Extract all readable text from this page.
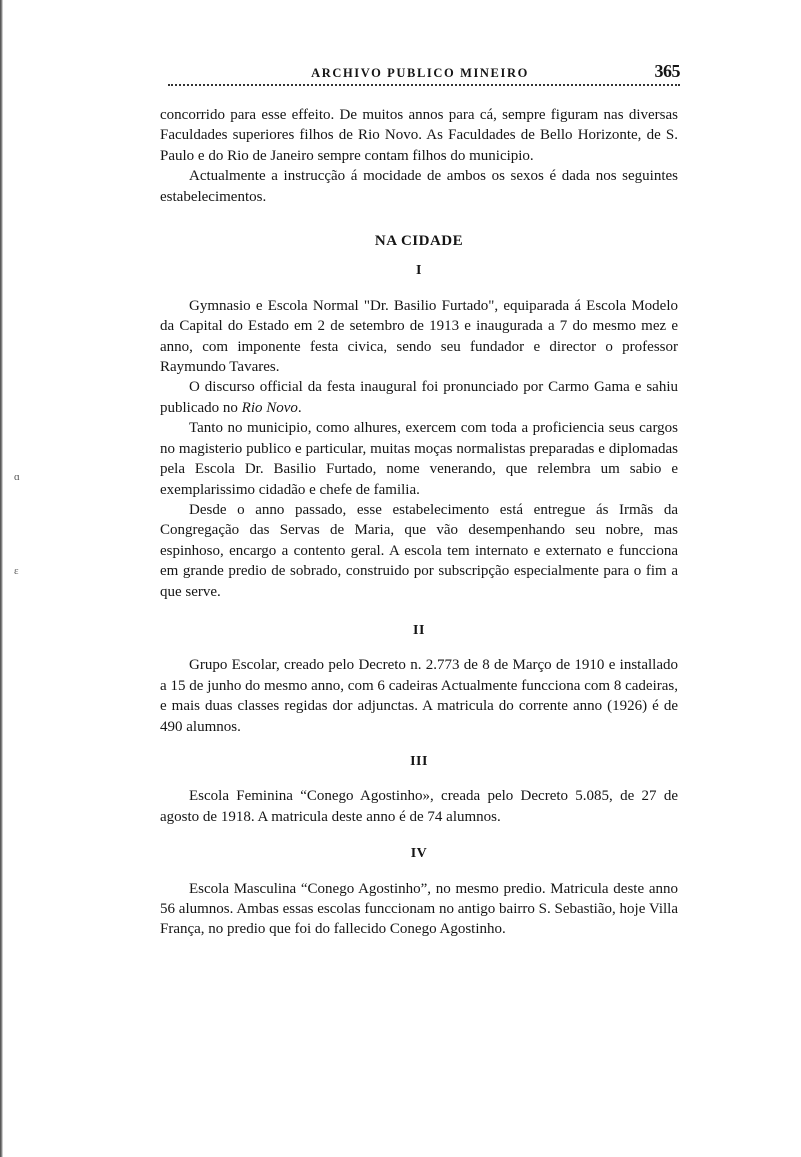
ɑ
ε
ARCHIVO PUBLICO MINEIRO	365

concorrido para esse effeito. De muitos annos para cá, sempre figuram nas diversas Faculdades superiores filhos de Rio Novo. As Faculdades de Bello Horizonte, de S. Paulo e do Rio de Janeiro sempre contam filhos do municipio.

Actualmente a instrucção á mocidade de ambos os sexos é dada nos seguintes estabelecimentos.

NA CIDADE

I

Gymnasio e Escola Normal "Dr. Basilio Furtado", equiparada á Escola Modelo da Capital do Estado em 2 de setembro de 1913 e inaugurada a 7 do mesmo mez e anno, com imponente festa civica, sendo seu fundador e director o professor Raymundo Tavares.

O discurso official da festa inaugural foi pronunciado por Carmo Gama e sahiu publicado no Rio Novo.

Tanto no municipio, como alhures, exercem com toda a proficiencia seus cargos no magisterio publico e particular, muitas moças normalistas preparadas e diplomadas pela Escola Dr. Basilio Furtado, nome venerando, que relembra um sabio e exemplarissimo cidadão e chefe de familia.

Desde o anno passado, esse estabelecimento está entregue ás Irmãs da Congregação das Servas de Maria, que vão desempenhando seu nobre, mas espinhoso, encargo a contento geral. A escola tem internato e externato e funcciona em grande predio de sobrado, construido por subscripção especialmente para o fim a que serve.

II

Grupo Escolar, creado pelo Decreto n. 2.773 de 8 de Março de 1910 e installado a 15 de junho do mesmo anno, com 6 cadeiras Actualmente funcciona com 8 cadeiras, e mais duas classes regidas dor adjunctas. A matricula do corrente anno (1926) é de 490 alumnos.

III

Escola Feminina “Conego Agostinho», creada pelo Decreto 5.085, de 27 de agosto de 1918. A matricula deste anno é de 74 alumnos.

IV

Escola Masculina “Conego Agostinho”, no mesmo predio. Matricula deste anno 56 alumnos. Ambas essas escolas funccionam no antigo bairro S. Sebastião, hoje Villa França, no predio que foi do fallecido Conego Agostinho.
